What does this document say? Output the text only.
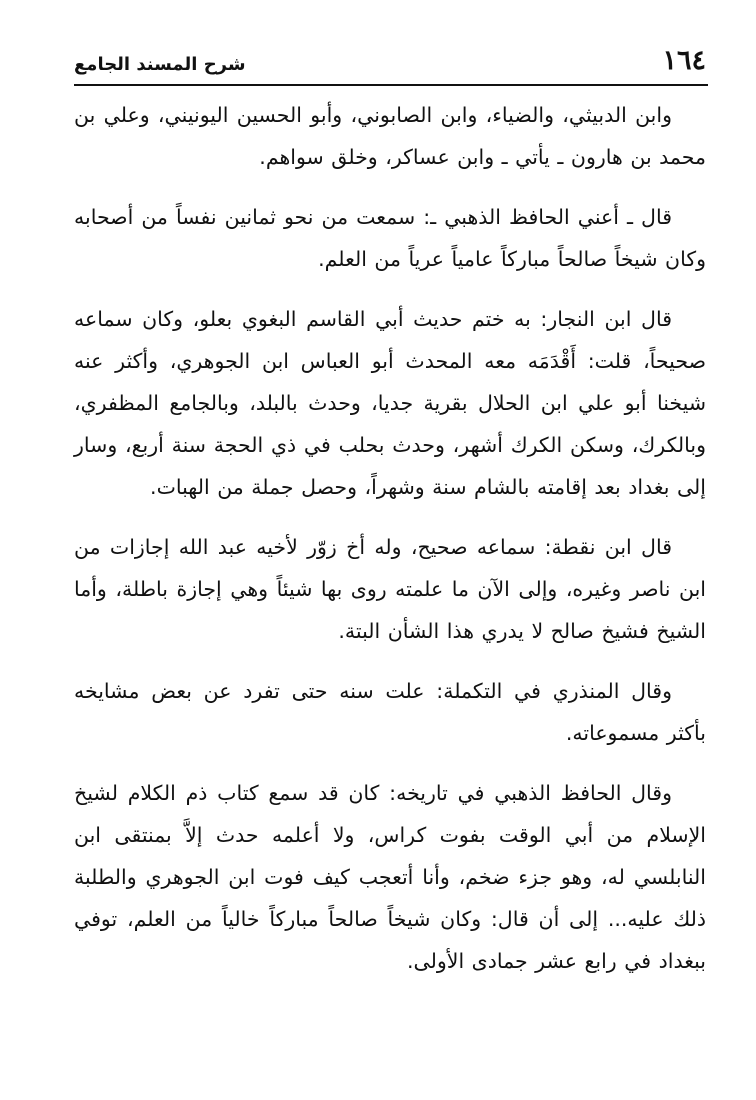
١٦٤
شرح المسند الجامع

وابن الدبيثي، والضياء، وابن الصابوني، وأبو الحسين اليونيني، وعلي بن محمد بن هارون ـ يأتي ـ وابن عساكر، وخلق سواهم.

قال ـ أعني الحافظ الذهبي ـ: سمعت من نحو ثمانين نفساً من أصحابه وكان شيخاً صالحاً مباركاً عامياً عرياً من العلم.

قال ابن النجار: به ختم حديث أبي القاسم البغوي بعلو، وكان سماعه صحيحاً، قلت: أَقْدَمَه معه المحدث أبو العباس ابن الجوهري، وأكثر عنه شيخنا أبو علي ابن الحلال بقرية جديا، وحدث بالبلد، وبالجامع المظفري، وبالكرك، وسكن الكرك أشهر، وحدث بحلب في ذي الحجة سنة أربع، وسار إلى بغداد بعد إقامته بالشام سنة وشهراً، وحصل جملة من الهبات.

قال ابن نقطة: سماعه صحيح، وله أخ زوّر لأخيه عبد الله إجازات من ابن ناصر وغيره، وإلى الآن ما علمته روى بها شيئاً وهي إجازة باطلة، وأما الشيخ فشيخ صالح لا يدري هذا الشأن البتة.

وقال المنذري في التكملة: علت سنه حتى تفرد عن بعض مشايخه بأكثر مسموعاته.

وقال الحافظ الذهبي في تاريخه: كان قد سمع كتاب ذم الكلام لشيخ الإسلام من أبي الوقت بفوت كراس، ولا أعلمه حدث إلاَّ بمنتقى ابن النابلسي له، وهو جزء ضخم، وأنا أتعجب كيف فوت ابن الجوهري والطلبة ذلك عليه... إلى أن قال: وكان شيخاً صالحاً مباركاً خالياً من العلم، توفي ببغداد في رابع عشر جمادى الأولى.
